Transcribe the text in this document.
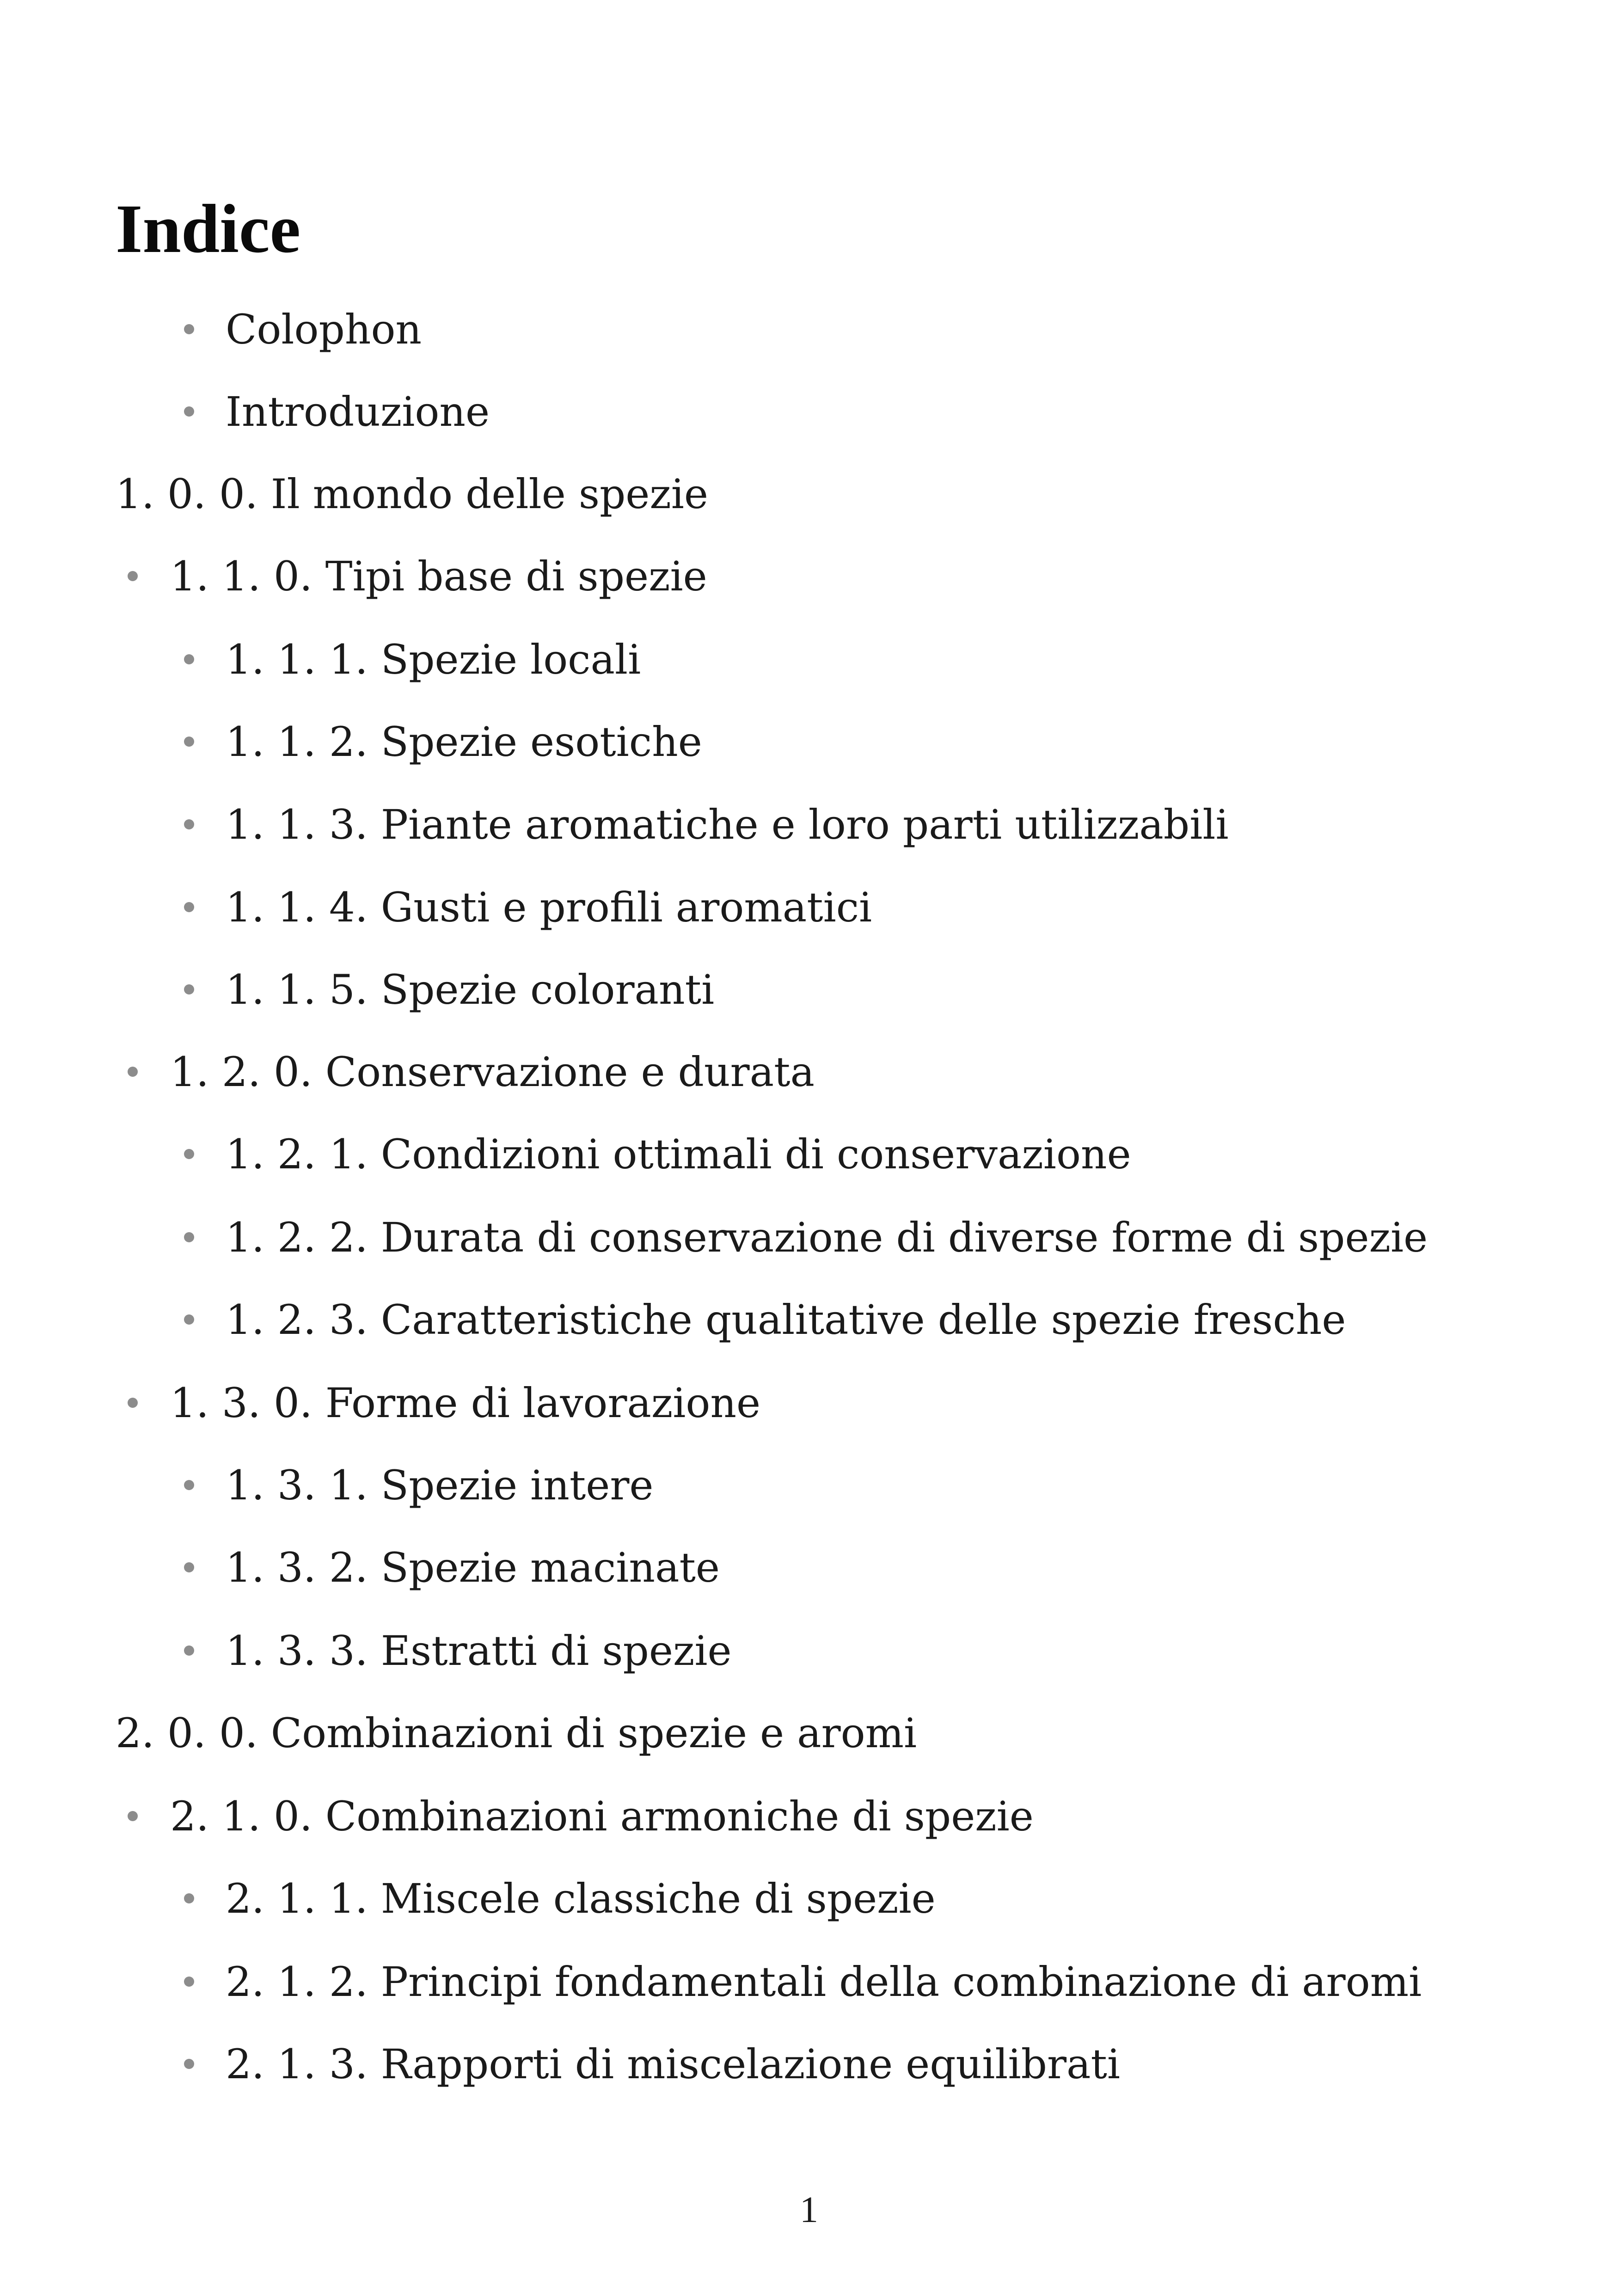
Indice
Colophon
Introduzione
1. 0. 0. Il mondo delle spezie
1. 1. 0. Tipi base di spezie
1. 1. 1. Spezie locali
1. 1. 2. Spezie esotiche
1. 1. 3. Piante aromatiche e loro parti utilizzabili
1. 1. 4. Gusti e profili aromatici
1. 1. 5. Spezie coloranti
1. 2. 0. Conservazione e durata
1. 2. 1. Condizioni ottimali di conservazione
1. 2. 2. Durata di conservazione di diverse forme di spezie
1. 2. 3. Caratteristiche qualitative delle spezie fresche
1. 3. 0. Forme di lavorazione
1. 3. 1. Spezie intere
1. 3. 2. Spezie macinate
1. 3. 3. Estratti di spezie
2. 0. 0. Combinazioni di spezie e aromi
2. 1. 0. Combinazioni armoniche di spezie
2. 1. 1. Miscele classiche di spezie
2. 1. 2. Principi fondamentali della combinazione di aromi
2. 1. 3. Rapporti di miscelazione equilibrati
1
